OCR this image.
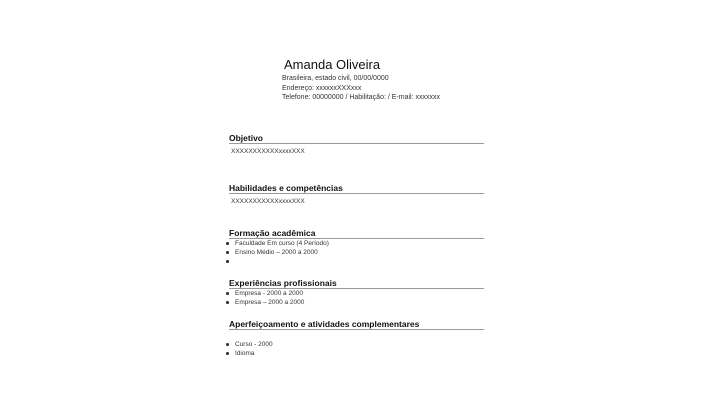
Amanda Oliveira
Brasileira, estado civil, 00/00/0000
Endereço: xxxxxxXXXxxx
Telefone: 00000000 / Habilitação: / E-mail: xxxxxxx
Objetivo
XXXXXXXXXXXxxxxXXX
Habilidades e competências
XXXXXXXXXXXxxxxXXX
Formação acadêmica
Faculdade Em curso (4 Período)
Ensino Médio – 2000 a 2000
Experiências profissionais
Empresa - 2000 a 2000
Empresa – 2000 a 2000
Aperfeiçoamento e atividades complementares
Curso - 2000
Idioma
